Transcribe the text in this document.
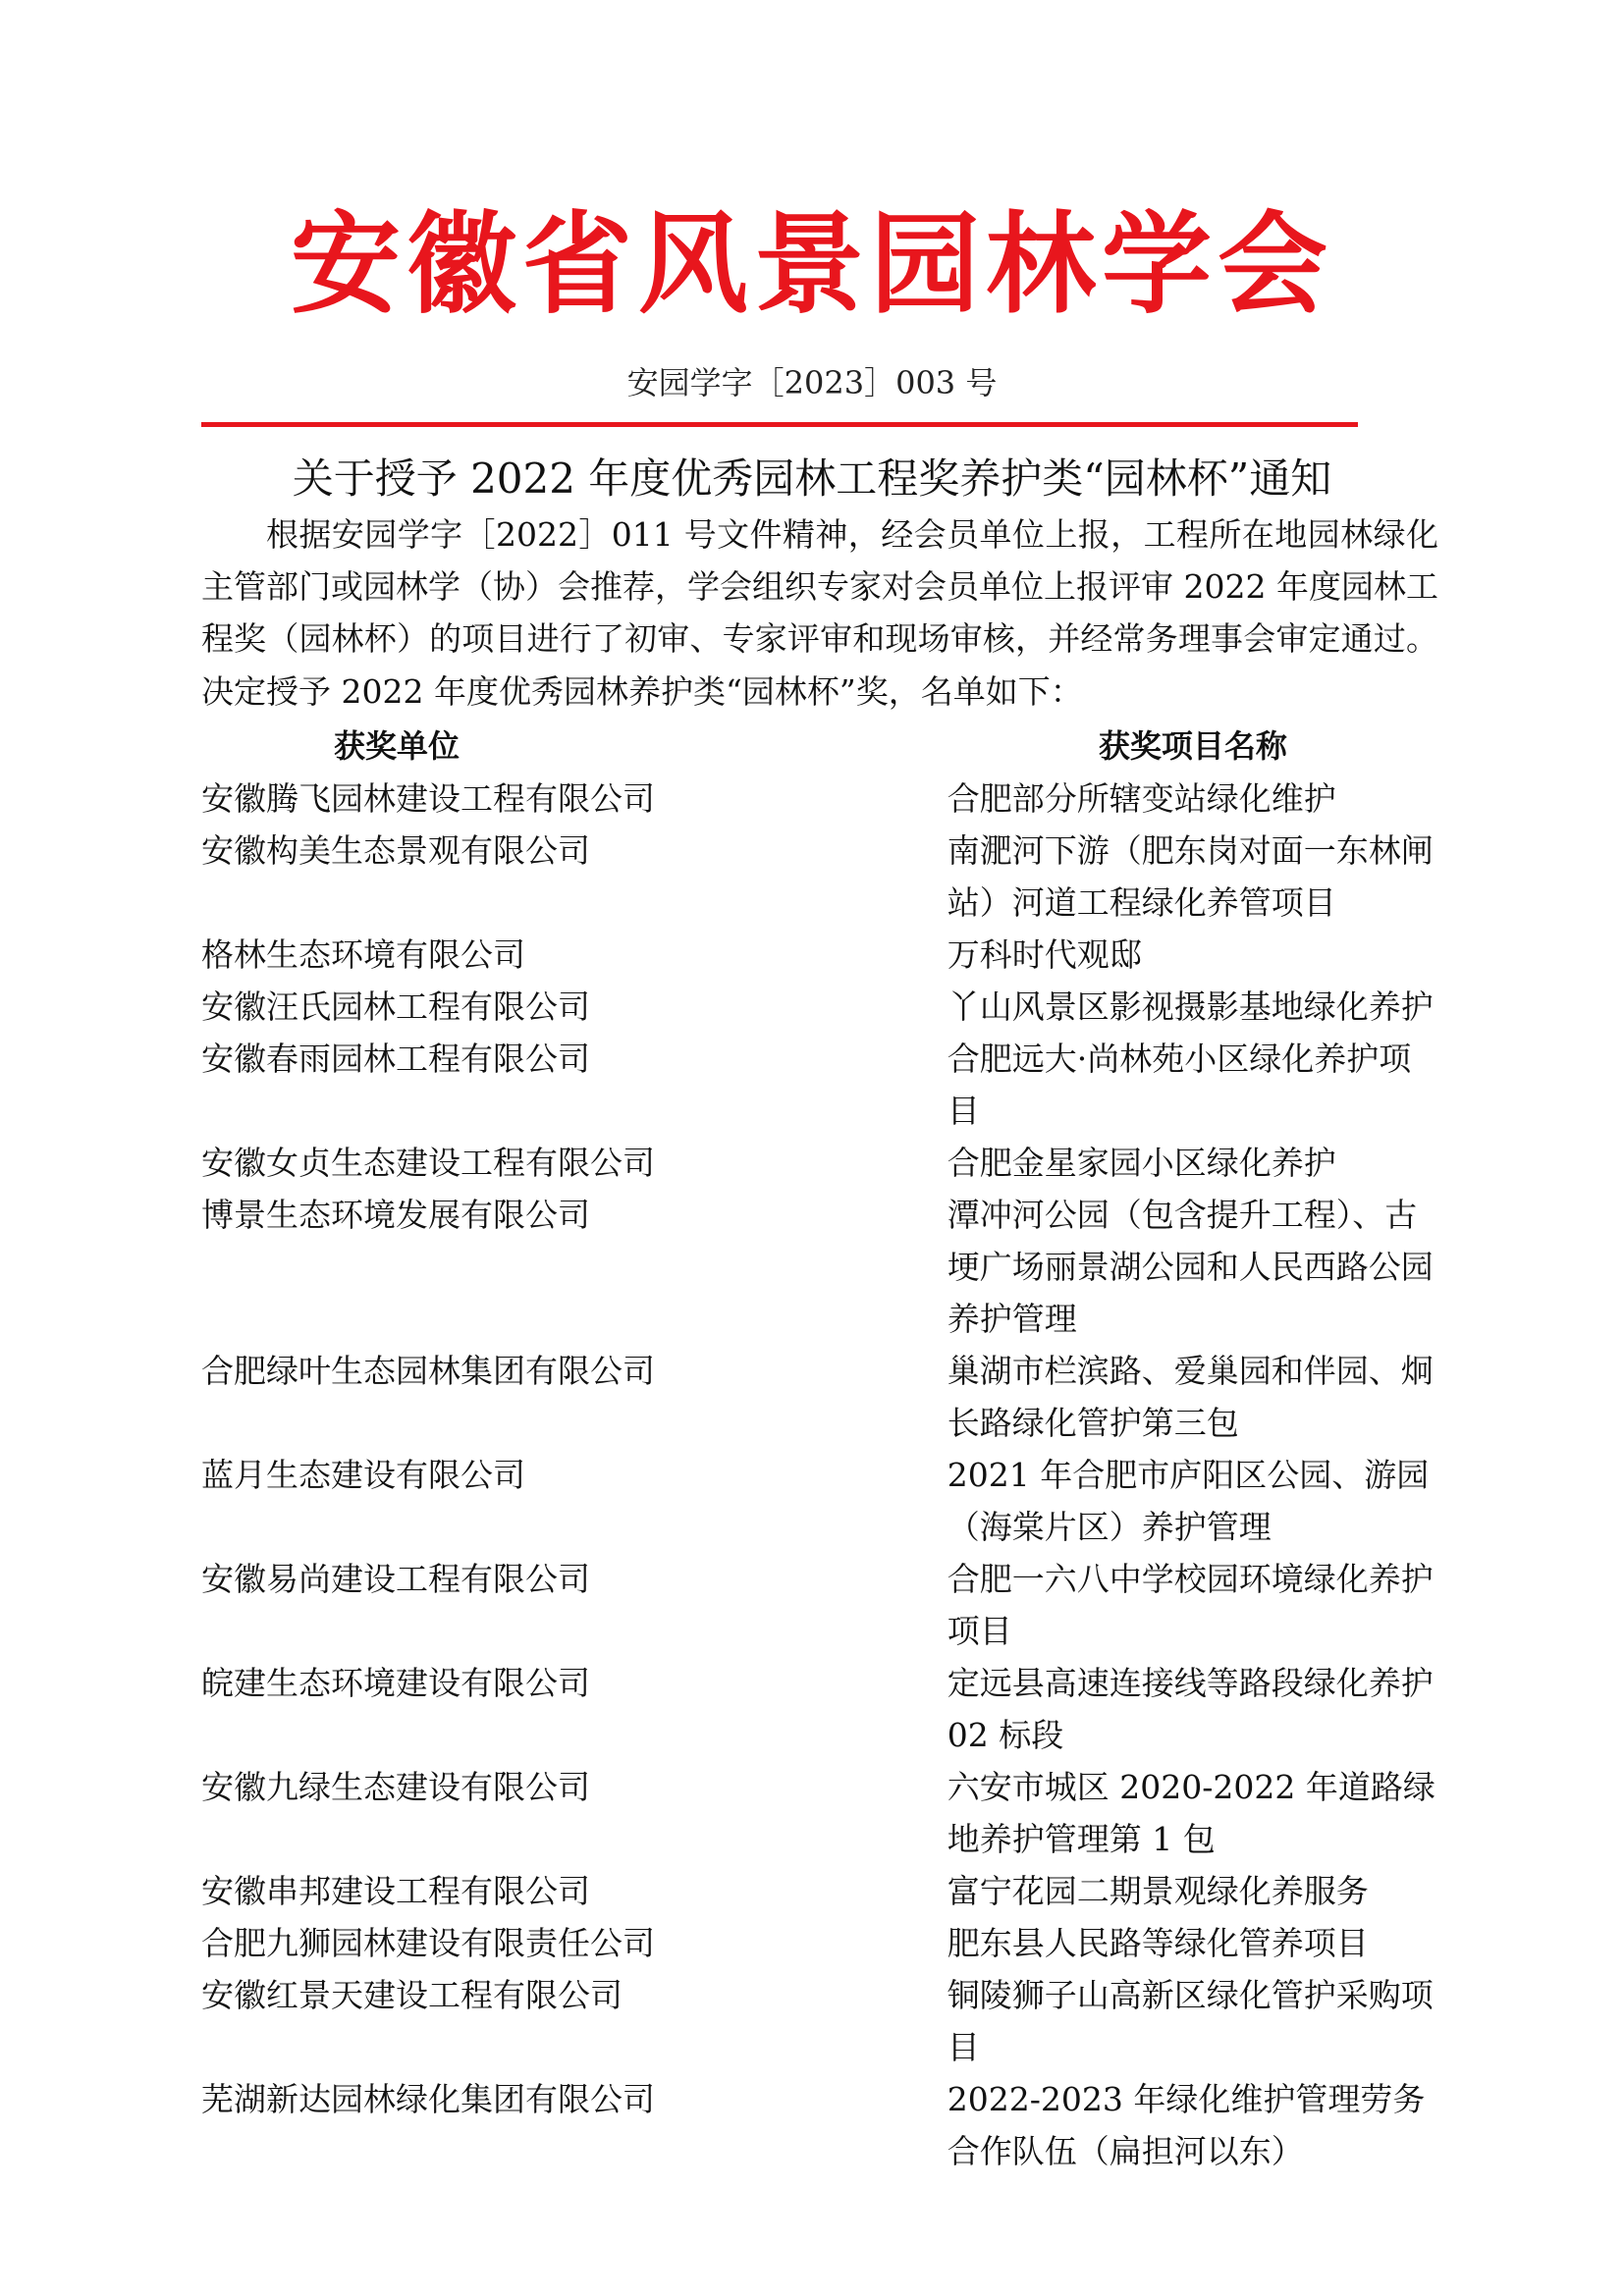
安徽省风景园林学会
安园学字［2023］003 号
关于授予 2022 年度优秀园林工程奖养护类“园林杯”通知

根据安园学字［2022］011 号文件精神，经会员单位上报，工程所在地园林绿化主管部门或园林学（协）会推荐，学会组织专家对会员单位上报评审 2022 年度园林工程奖（园林杯）的项目进行了初审、专家评审和现场审核，并经常务理事会审定通过。决定授予 2022 年度优秀园林养护类“园林杯”奖，名单如下：

获奖单位	获奖项目名称
安徽腾飞园林建设工程有限公司	合肥部分所辖变站绿化维护
安徽构美生态景观有限公司	南淝河下游（肥东岗对面一东林闸站）河道工程绿化养管项目
格林生态环境有限公司	万科时代观邸
安徽汪氏园林工程有限公司	丫山风景区影视摄影基地绿化养护
安徽春雨园林工程有限公司	合肥远大·尚林苑小区绿化养护项目
安徽女贞生态建设工程有限公司	合肥金星家园小区绿化养护
博景生态环境发展有限公司	潭冲河公园（包含提升工程）、古埂广场丽景湖公园和人民西路公园养护管理
合肥绿叶生态园林集团有限公司	巢湖市栏滨路、爱巢园和伴园、炯长路绿化管护第三包
蓝月生态建设有限公司	2021 年合肥市庐阳区公园、游园（海棠片区）养护管理
安徽易尚建设工程有限公司	合肥一六八中学校园环境绿化养护项目
皖建生态环境建设有限公司	定远县高速连接线等路段绿化养护 02 标段
安徽九绿生态建设有限公司	六安市城区 2020-2022 年道路绿地养护管理第 1 包
安徽串邦建设工程有限公司	富宁花园二期景观绿化养服务
合肥九狮园林建设有限责任公司	肥东县人民路等绿化管养项目
安徽红景天建设工程有限公司	铜陵狮子山高新区绿化管护采购项目
芜湖新达园林绿化集团有限公司	2022-2023 年绿化维护管理劳务合作队伍（扁担河以东）
